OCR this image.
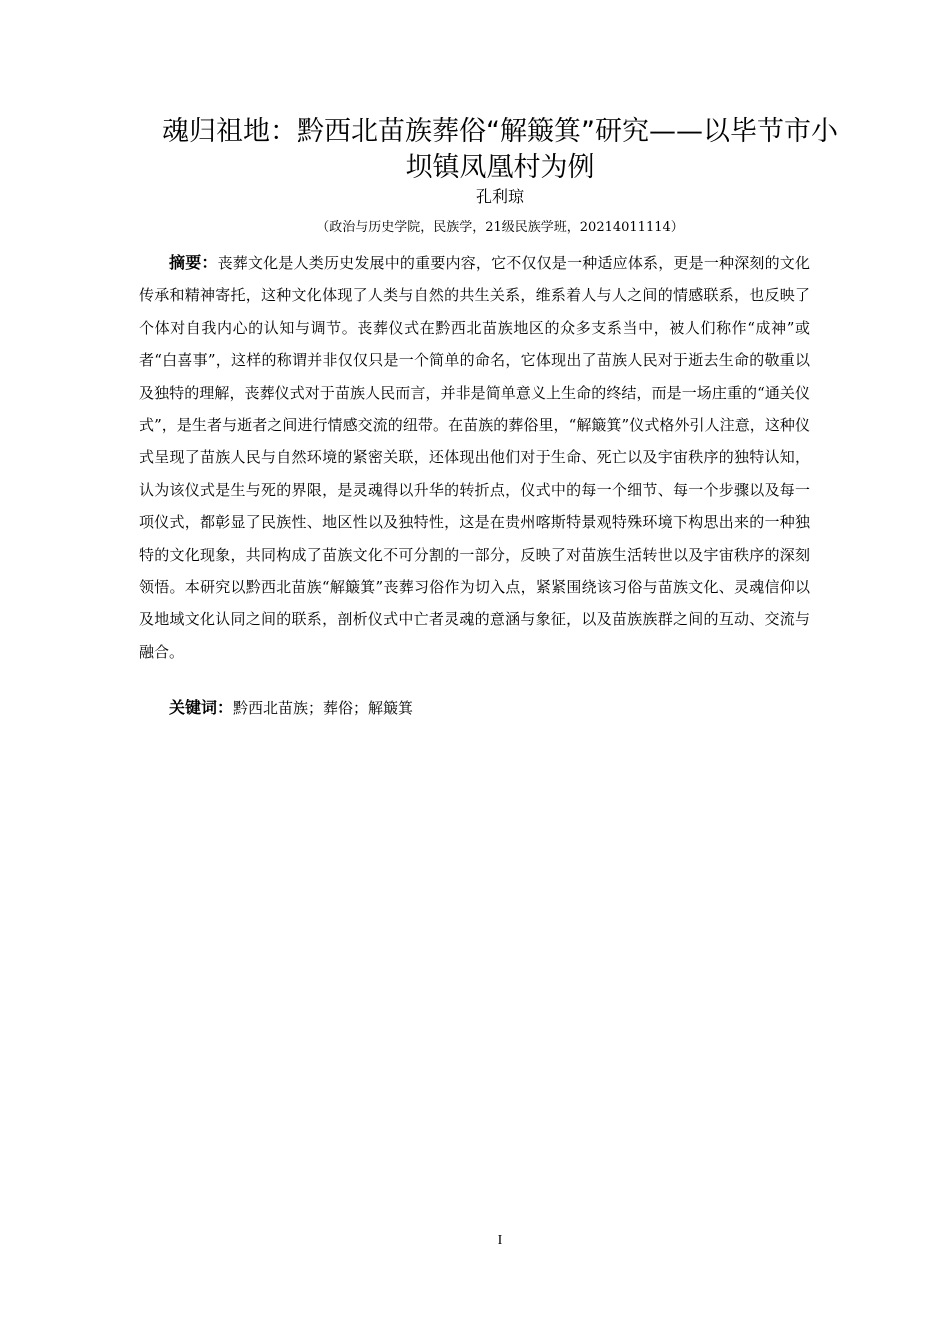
魂归祖地：黔西北苗族葬俗“解簸箕”研究——以毕节市小坝镇凤凰村为例
孔利琼
（政治与历史学院，民族学，21级民族学班，20214011114）

摘要：丧葬文化是人类历史发展中的重要内容，它不仅仅是一种适应体系，更是一种深刻的文化传承和精神寄托，这种文化体现了人类与自然的共生关系，维系着人与人之间的情感联系，也反映了个体对自我内心的认知与调节。丧葬仪式在黔西北苗族地区的众多支系当中，被人们称作“成神”或者“白喜事”，这样的称谓并非仅仅只是一个简单的命名，它体现出了苗族人民对于逝去生命的敬重以及独特的理解，丧葬仪式对于苗族人民而言，并非是简单意义上生命的终结，而是一场庄重的“通关仪式”，是生者与逝者之间进行情感交流的纽带。在苗族的葬俗里，“解簸箕”仪式格外引人注意，这种仪式呈现了苗族人民与自然环境的紧密关联，还体现出他们对于生命、死亡以及宇宙秩序的独特认知，认为该仪式是生与死的界限，是灵魂得以升华的转折点，仪式中的每一个细节、每一个步骤以及每一项仪式，都彰显了民族性、地区性以及独特性，这是在贵州喀斯特景观特殊环境下构思出来的一种独特的文化现象，共同构成了苗族文化不可分割的一部分，反映了对苗族生活转世以及宇宙秩序的深刻领悟。本研究以黔西北苗族“解簸箕”丧葬习俗作为切入点，紧紧围绕该习俗与苗族文化、灵魂信仰以及地域文化认同之间的联系，剖析仪式中亡者灵魂的意涵与象征，以及苗族族群之间的互动、交流与融合。

关键词：黔西北苗族；葬俗；解簸箕

I
